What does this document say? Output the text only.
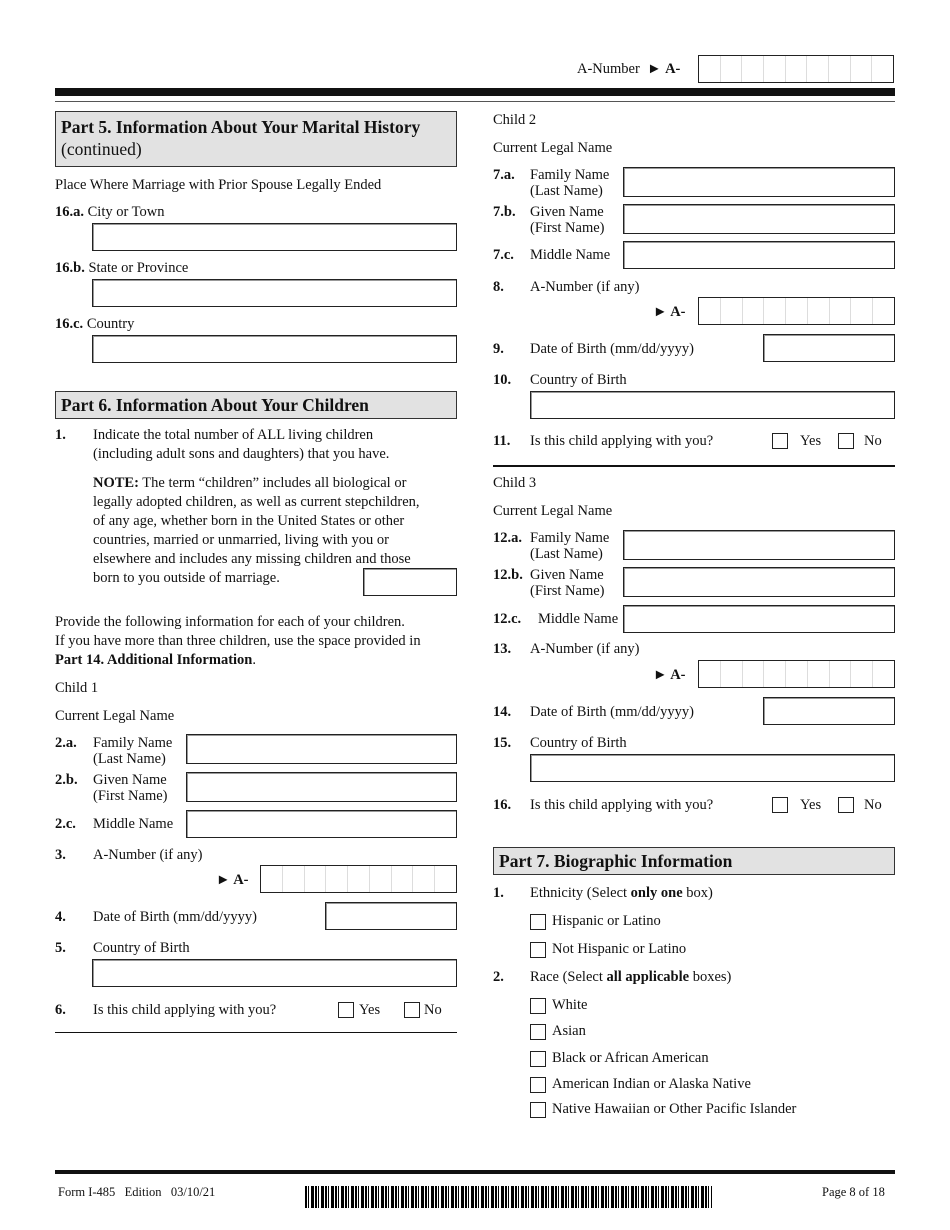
A-Number ► A-
Part 5. Information About Your Marital History
(continued)
Place Where Marriage with Prior Spouse Legally Ended
16.a. City or Town
16.b. State or Province
16.c. Country
Part 6. Information About Your Children
1. Indicate the total number of ALL living children
(including adult sons and daughters) that you have.
NOTE: The term “children” includes all biological or
legally adopted children, as well as current stepchildren,
of any age, whether born in the United States or other
countries, married or unmarried, living with you or
elsewhere and includes any missing children and those
born to you outside of marriage.
Provide the following information for each of your children.
If you have more than three children, use the space provided in
Part 14. Additional Information.
Child 1
Current Legal Name
2.a. Family Name
(Last Name)
2.b. Given Name
(First Name)
2.c. Middle Name
3. A-Number (if any)
► A-
4. Date of Birth (mm/dd/yyyy)
5. Country of Birth
6. Is this child applying with you?	Yes	No
Child 2
Current Legal Name
7.a. Family Name
(Last Name)
7.b. Given Name
(First Name)
7.c. Middle Name
8. A-Number (if any)
► A-
9. Date of Birth (mm/dd/yyyy)
10. Country of Birth
11. Is this child applying with you?	Yes	No
Child 3
Current Legal Name
12.a. Family Name
(Last Name)
12.b. Given Name
(First Name)
12.c. Middle Name
13. A-Number (if any)
► A-
14. Date of Birth (mm/dd/yyyy)
15. Country of Birth
16. Is this child applying with you?	Yes	No
Part 7. Biographic Information
1. Ethnicity (Select only one box)
Hispanic or Latino
Not Hispanic or Latino
2. Race (Select all applicable boxes)
White
Asian
Black or African American
American Indian or Alaska Native
Native Hawaiian or Other Pacific Islander
Form I-485   Edition   03/10/21	Page 8 of 18
